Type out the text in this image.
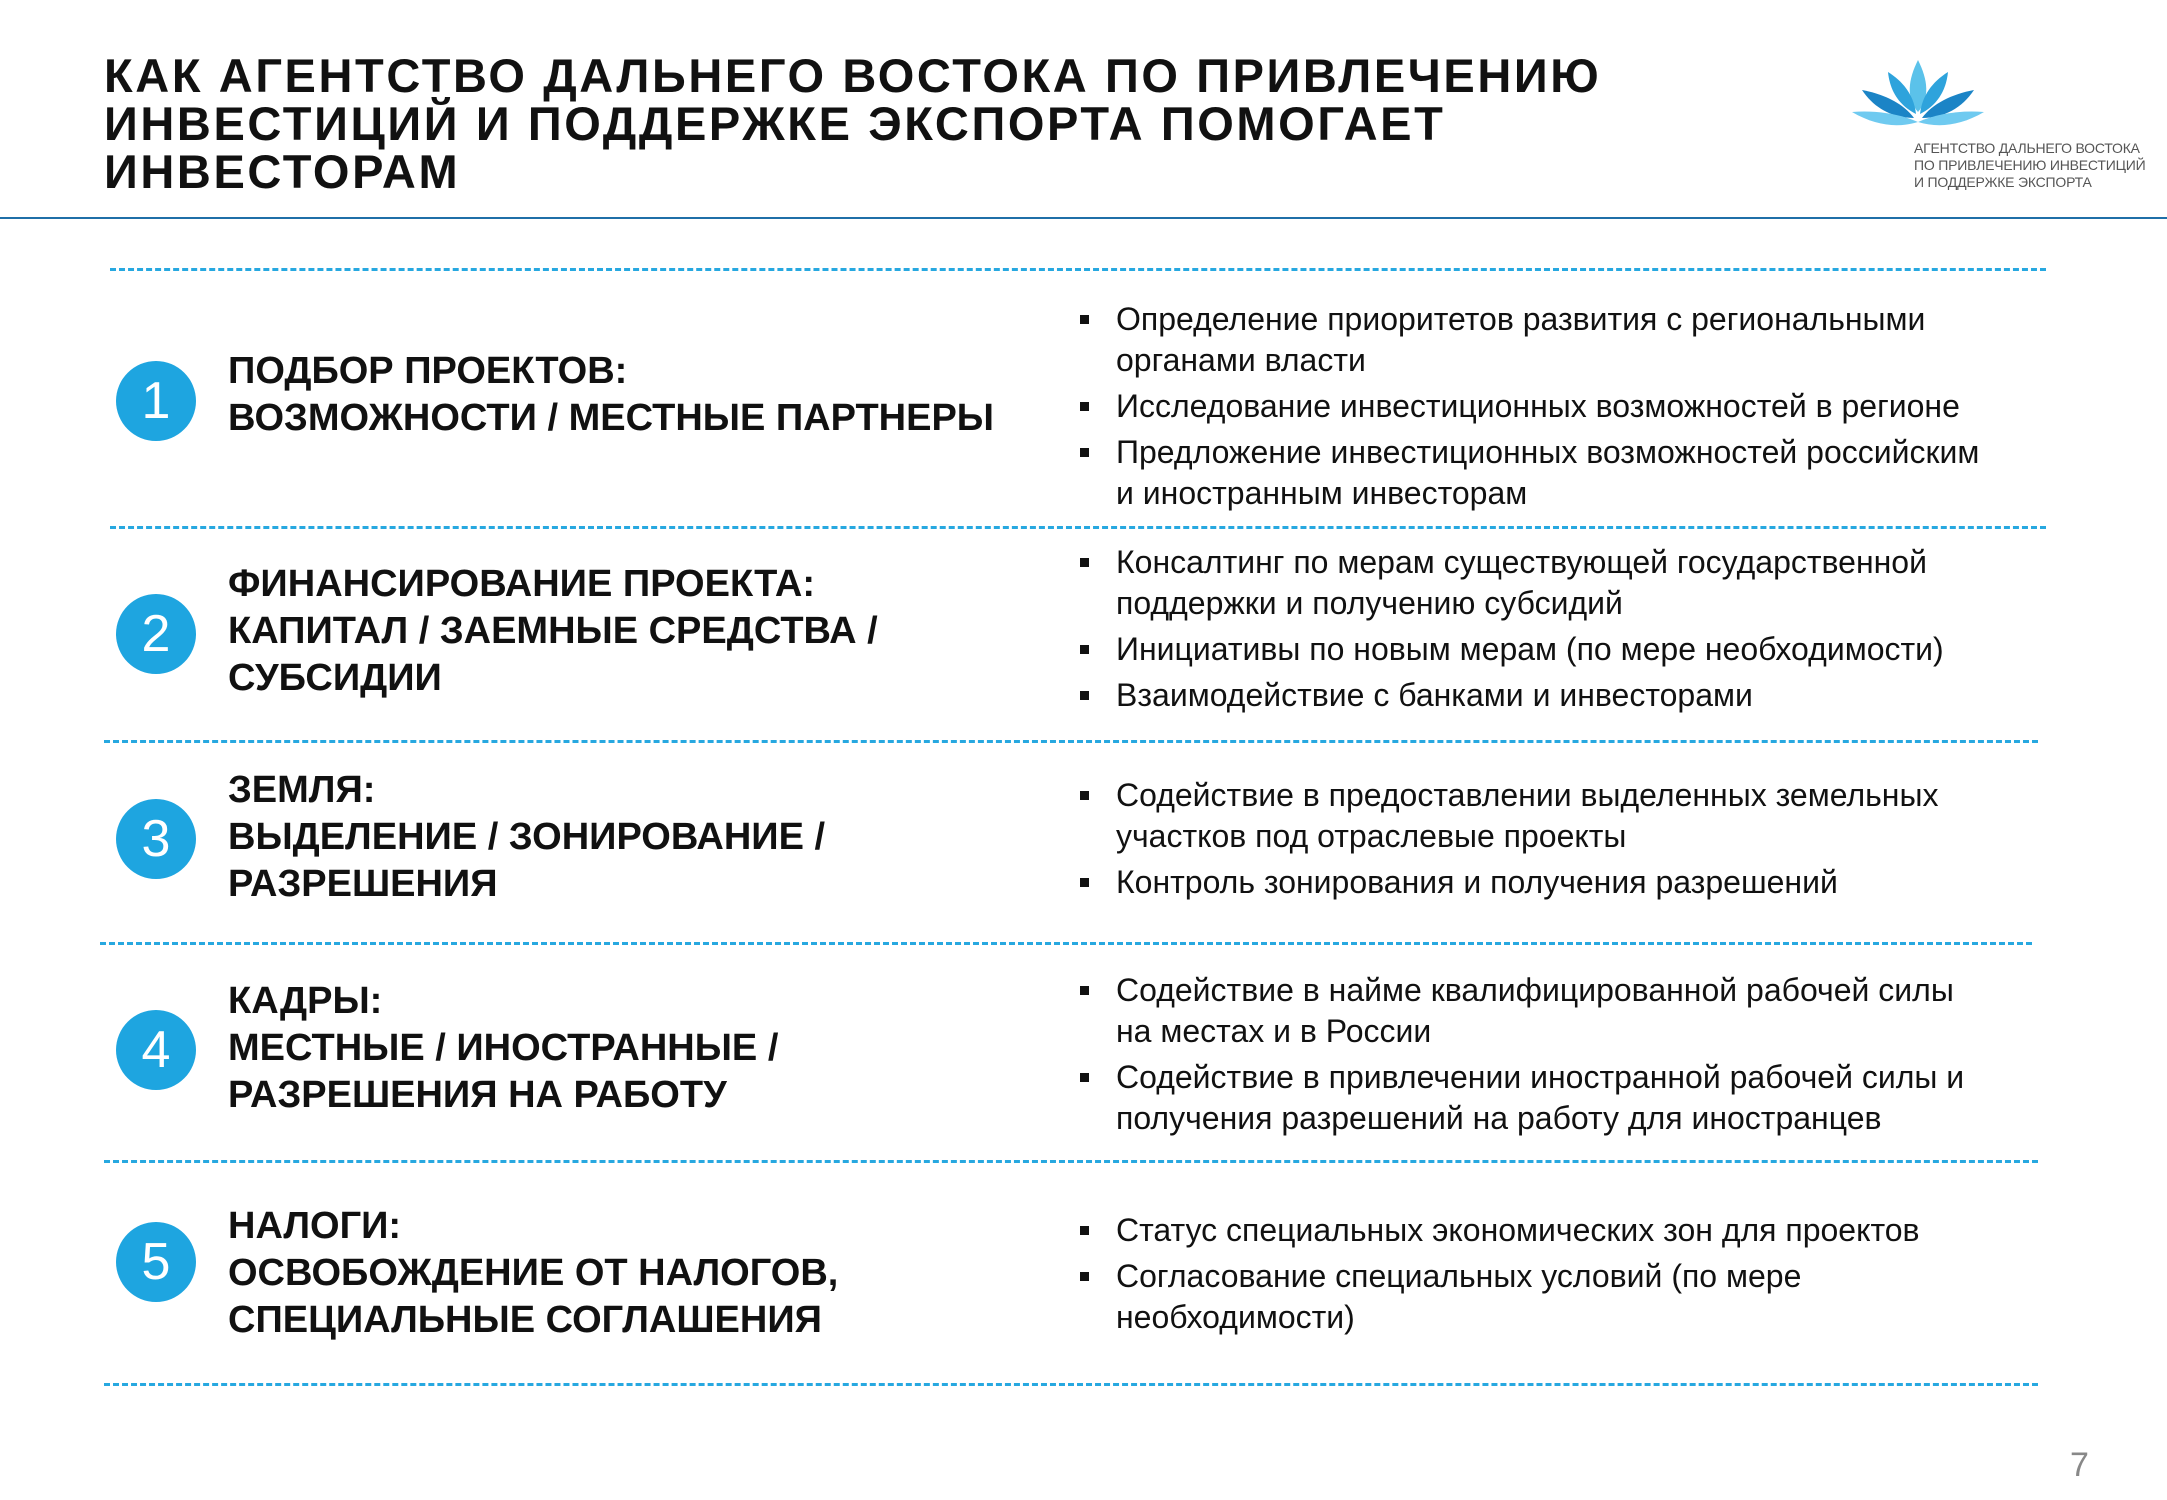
КАК АГЕНТСТВО ДАЛЬНЕГО ВОСТОКА ПО ПРИВЛЕЧЕНИЮ
ИНВЕСТИЦИЙ И ПОДДЕРЖКЕ ЭКСПОРТА ПОМОГАЕТ
ИНВЕСТОРАМ	АГЕНТСТВО ДАЛЬНЕГО ВОСТОКА
ПО ПРИВЛЕЧЕНИЮ ИНВЕСТИЦИЙ
И ПОДДЕРЖКЕ ЭКСПОРТА
1
ПОДБОР ПРОЕКТОВ:
ВОЗМОЖНОСТИ / МЕСТНЫЕ ПАРТНЕРЫ
Определение приоритетов развития с региональными
органами власти
Исследование инвестиционных возможностей в регионе
Предложение инвестиционных возможностей российским
и иностранным инвесторам
2
ФИНАНСИРОВАНИЕ ПРОЕКТА:
КАПИТАЛ / ЗАЕМНЫЕ СРЕДСТВА /
СУБСИДИИ
Консалтинг по мерам существующей государственной
поддержки и получению субсидий
Инициативы по новым мерам (по мере необходимости)
Взаимодействие с банками и инвесторами
3
ЗЕМЛЯ:
ВЫДЕЛЕНИЕ / ЗОНИРОВАНИЕ /
РАЗРЕШЕНИЯ
Содействие в предоставлении выделенных земельных
участков под отраслевые проекты
Контроль зонирования и получения разрешений
4
КАДРЫ:
МЕСТНЫЕ / ИНОСТРАННЫЕ /
РАЗРЕШЕНИЯ НА РАБОТУ
Содействие в найме квалифицированной рабочей силы
на местах и в России
Содействие в привлечении иностранной рабочей силы и
получения разрешений на работу для иностранцев
5
НАЛОГИ:
ОСВОБОЖДЕНИЕ ОТ НАЛОГОВ,
СПЕЦИАЛЬНЫЕ СОГЛАШЕНИЯ
Статус специальных экономических зон для проектов
Согласование специальных условий (по мере
необходимости)
7
